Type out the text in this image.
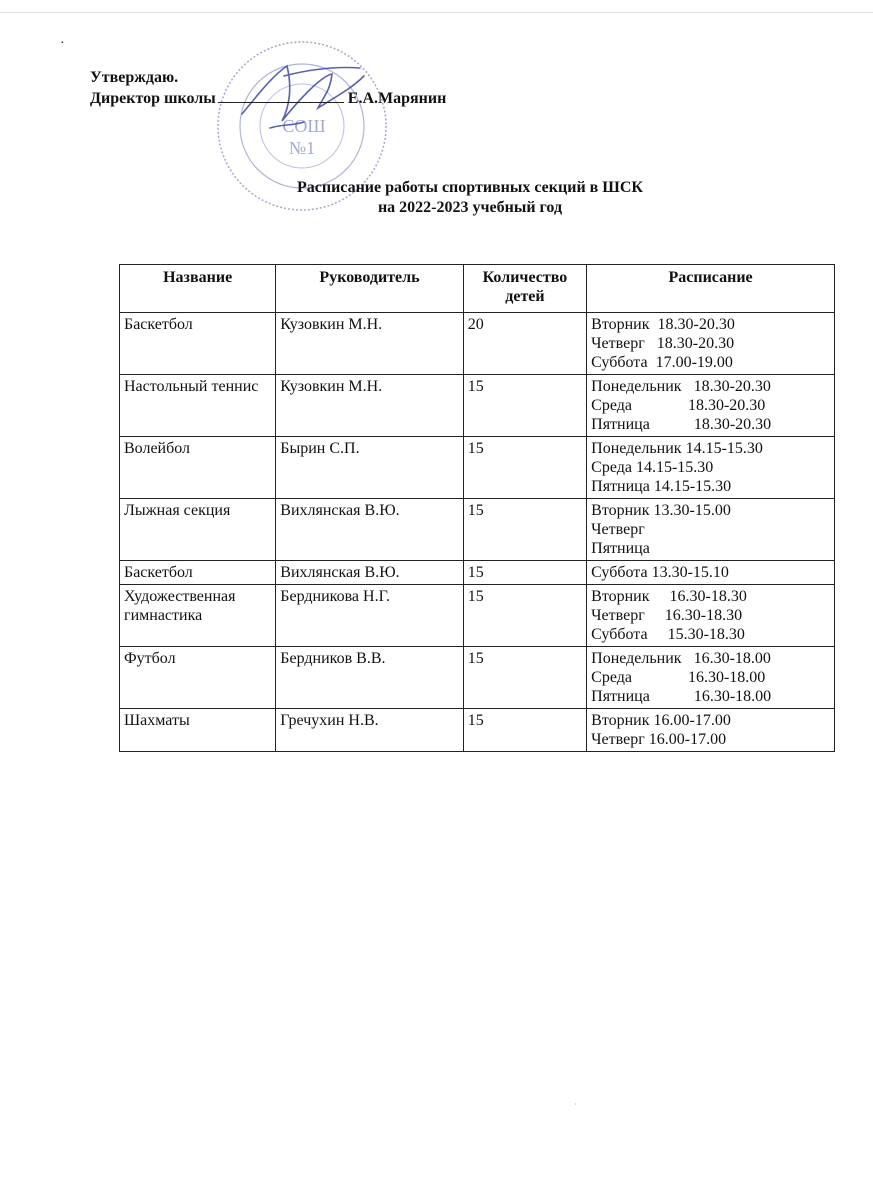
·
СОШ
№1
Утверждаю.
Директор школы	Е.А.Марянин
Расписание работы спортивных секций в ШСК
на 2022-2023 учебный год
Название	Руководитель	Количество детей	Расписание
Баскетбол	Кузовкин М.Н.	20	Вторник  18.30-20.30
Четверг   18.30-20.30
Суббота  17.00-19.00

Настольный теннис	Кузовкин М.Н.	15	Понедельник   18.30-20.30
Среда              18.30-20.30
Пятница           18.30-20.30

Волейбол	Бырин С.П.	15	Понедельник 14.15-15.30
Среда 14.15-15.30
Пятница 14.15-15.30

Лыжная секция	Вихлянская В.Ю.	15	Вторник 13.30-15.00
Четверг
Пятница

Баскетбол	Вихлянская В.Ю.	15	Суббота 13.30-15.10

Художественная гимнастика	Бердникова Н.Г.	15	Вторник     16.30-18.30
Четверг     16.30-18.30
Суббота     15.30-18.30

Футбол	Бердников В.В.	15	Понедельник   16.30-18.00
Среда              16.30-18.00
Пятница           16.30-18.00

Шахматы	Гречухин Н.В.	15	Вторник 16.00-17.00
Четверг 16.00-17.00
·
